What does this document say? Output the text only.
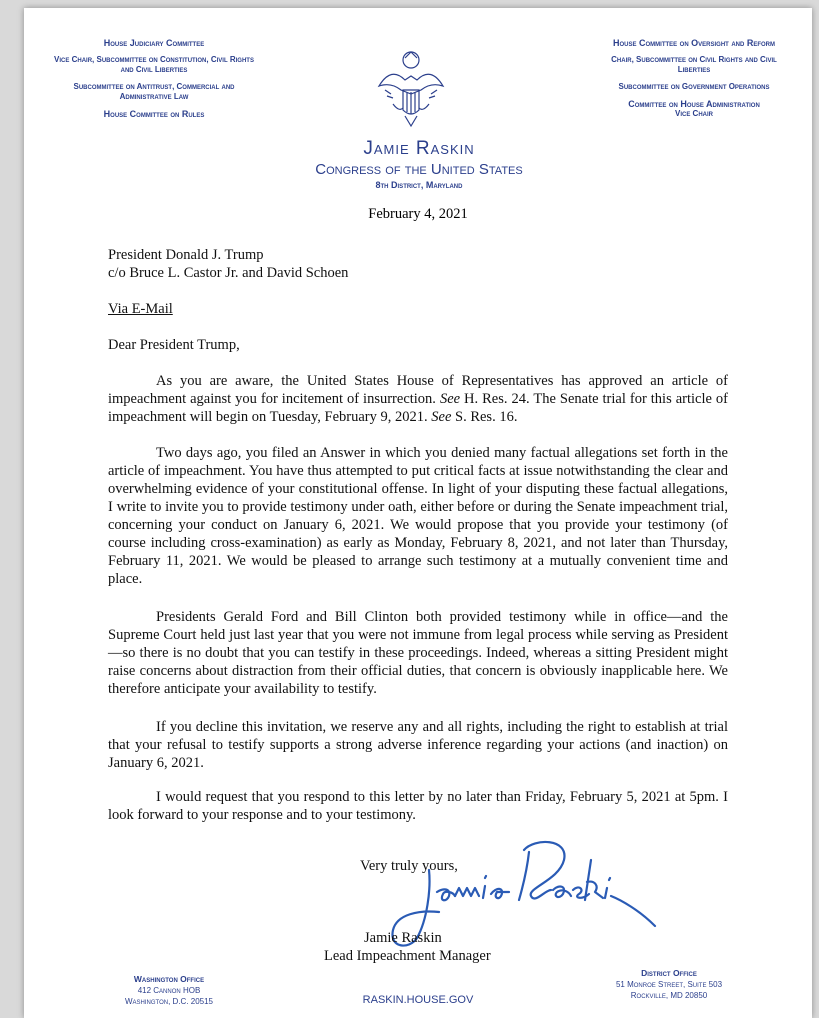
House Judiciary Committee
Vice Chair, Subcommittee on Constitution, Civil Rights and Civil Liberties
Subcommittee on Antitrust, Commercial and Administrative Law
House Committee on Rules
Jamie Raskin
Congress of the United States
8th District, Maryland
House Committee on Oversight and Reform
Chair, Subcommittee on Civil Rights and Civil Liberties
Subcommittee on Government Operations
Committee on House Administration
Vice Chair
February 4, 2021
President Donald J. Trump
c/o Bruce L. Castor Jr. and David Schoen
Via E-Mail
Dear President Trump,

As you are aware, the United States House of Representatives has approved an article of impeachment against you for incitement of insurrection. See H. Res. 24. The Senate trial for this article of impeachment will begin on Tuesday, February 9, 2021. See S. Res. 16.

Two days ago, you filed an Answer in which you denied many factual allegations set forth in the article of impeachment. You have thus attempted to put critical facts at issue notwithstanding the clear and overwhelming evidence of your constitutional offense. In light of your disputing these factual allegations, I write to invite you to provide testimony under oath, either before or during the Senate impeachment trial, concerning your conduct on January 6, 2021. We would propose that you provide your testimony (of course including cross-examination) as early as Monday, February 8, 2021, and not later than Thursday, February 11, 2021. We would be pleased to arrange such testimony at a mutually convenient time and place.

Presidents Gerald Ford and Bill Clinton both provided testimony while in office—and the Supreme Court held just last year that you were not immune from legal process while serving as President—so there is no doubt that you can testify in these proceedings. Indeed, whereas a sitting President might raise concerns about distraction from their official duties, that concern is obviously inapplicable here. We therefore anticipate your availability to testify.

If you decline this invitation, we reserve any and all rights, including the right to establish at trial that your refusal to testify supports a strong adverse inference regarding your actions (and inaction) on January 6, 2021.

I would request that you respond to this letter by no later than Friday, February 5, 2021 at 5pm. I look forward to your response and to your testimony.

Very truly yours,
Jamie Raskin
Lead Impeachment Manager
Washington Office
412 Cannon HOB
Washington, D.C. 20515	RASKIN.HOUSE.GOV
District Office
51 Monroe Street, Suite 503
Rockville, MD 20850
